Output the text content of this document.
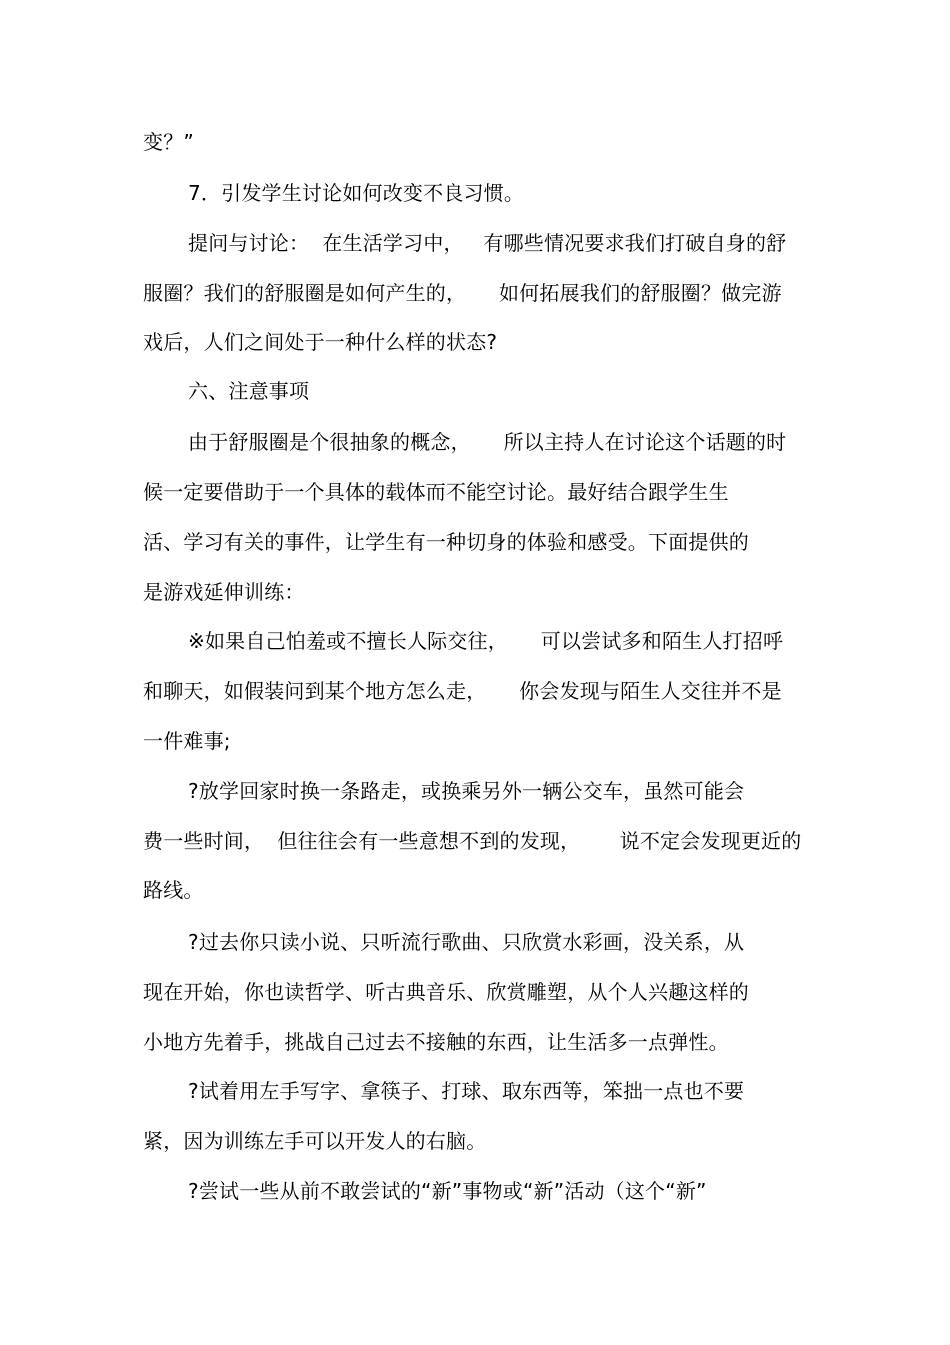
变？”
7．引发学生讨论如何改变不良习惯。
提问与讨论：  在生活学习中，   有哪些情况要求我们打破自身的舒
服圈？我们的舒服圈是如何产生的，     如何拓展我们的舒服圈？做完游
戏后，人们之间处于一种什么样的状态?
六、注意事项
由于舒服圈是个很抽象的概念，     所以主持人在讨论这个话题的时
候一定要借助于一个具体的载体而不能空讨论。最好结合跟学生生
活、学习有关的事件，让学生有一种切身的体验和感受。下面提供的
是游戏延伸训练：
※如果自己怕羞或不擅长人际交往，     可以尝试多和陌生人打招呼
和聊天，如假装问到某个地方怎么走，     你会发现与陌生人交往并不是
一件难事;
?放学回家时换一条路走，或换乘另外一辆公交车，虽然可能会
费一些时间，  但往往会有一些意想不到的发现，      说不定会发现更近的
路线。
?过去你只读小说、只听流行歌曲、只欣赏水彩画，没关系，从
现在开始，你也读哲学、听古典音乐、欣赏雕塑，从个人兴趣这样的
小地方先着手，挑战自己过去不接触的东西，让生活多一点弹性。
?试着用左手写字、拿筷子、打球、取东西等，笨拙一点也不要
紧，因为训练左手可以开发人的右脑。
?尝试一些从前不敢尝试的“新”事物或“新”活动（这个“新”
